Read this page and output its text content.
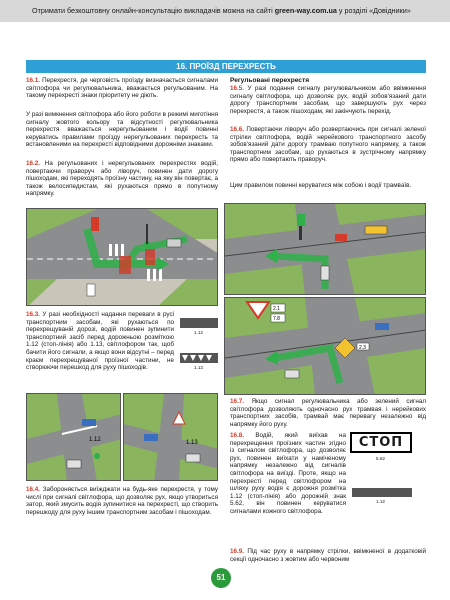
Отримати безкоштовну онлайн-консультацію викладачів можна на сайті green-way.com.ua у розділі «Довідники»
16. ПРОЇЗД ПЕРЕХРЕСТЬ
16.1. Перехрестя, де черговість проїзду визначається сигналами світлофора чи регулювальника, вважається регульованим. На такому перехресті знаки пріоритету не діють.
У разі вимкнення світлофора або його роботи в режимі миготіння сигналу жовтого кольору та відсутності регулювальника перехрестя вважається нерегульованим і водії повинні керуватись правилами проїзду нерегульованих перехресть та встановленими на перехресті відповідними дорожніми знаками.
16.2. На регульованих і нерегульованих перехрестях водій, повертаючи праворуч або ліворуч, повинен дати дорогу пішоходам, які переходять проїзну частину, на яку він повертає, а також велосипедистам, які рухаються прямо в попутному напрямку.
16.3. У разі необхідності надання переваги в русі транспортним засобам, які рухаються по перехрещуваній дорозі, водій повинен зупинити транспортний засіб перед дорожньою розміткою 1.12 (стоп-лінія) або 1.13, світлофором так, щоб бачити його сигнали, а якщо вони відсутні – перед краєм перехрещуваної проїзної частини, не створюючи перешкод для руху пішоходів.
1.12
1.13
1.12	1.13
16.4. Забороняється виїжджати на будь-яке перехрестя, у тому числі при сигналі світлофора, що дозволяє рух, якщо утвориться затор, який змусить водія зупинитися на перехресті, що створить перешкоду для руху іншим транспортним засобам і пішоходам.
Регульовані перехрестя
16.5. У разі подання сигналу регулювальником або ввімкнення сигналу світлофора, що дозволяє рух, водій зобов'язаний дати дорогу транспортним засобам, що завершують рух через перехрестя, а також пішоходам, які закінчують перехід.
16.6. Повертаючи ліворуч або розвертаючись при сигналі зеленої стрілки світлофора, водій нерейкового транспортного засобу зобов'язаний дати дорогу трамваю попутного напрямку, а також транспортним засобам, що рухаються в зустрічному напрямку прямо або повертають праворуч.
Цим правилом повинні керуватися між собою і водії трамваїв.
2.1
7.8
2.3
16.7. Якщо сигнал регулювальника або зелений сигнал світлофора дозволяють одночасно рух трамвая і нерейкових транспортних засобів, трамвай має перевагу незалежно від напрямку його руху.
16.8. Водій, який виїхав на перехрещення проїзних частин згідно із сигналом світлофора, що дозволяє рух, повинен виїхати у наміченому напрямку незалежно від сигналів світлофора на виїзді. Проте, якщо на перехресті перед світлофором на шляху руху водія є дорожня розмітка 1.12 (стоп-лінія) або дорожній знак 5.62, він повинен керуватися сигналами кожного світлофора.
СТОП
5.62
1.12
16.9. Під час руху в напрямку стрілки, ввімкненої в додатковій секції одночасно з жовтим або червоним
51
